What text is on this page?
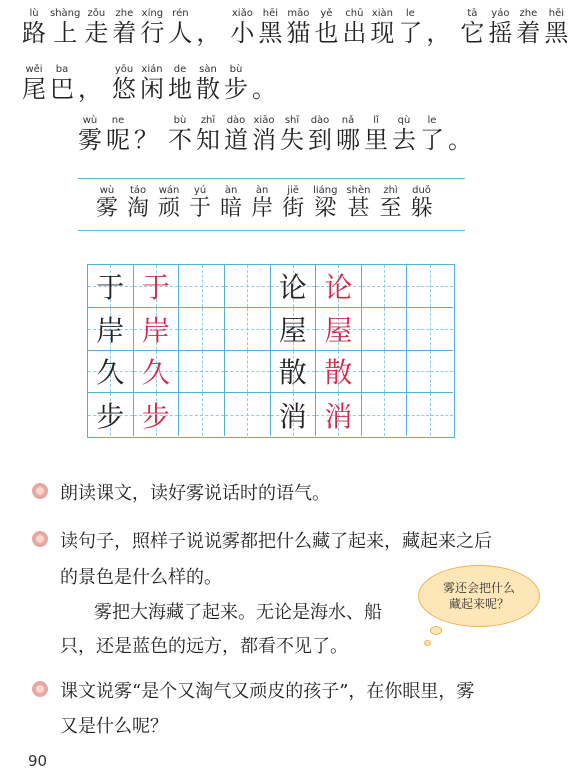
路lù上shàng走zǒu着zhe行xíng人rén， 小xiǎo黑hēi猫māo也yě出chū现xiàn了le， 它tā摇yáo着zhe黑hēi
尾wěi巴ba， 悠yōu闲xián地de散sàn步bù。
雾wù呢ne？ 不bù知zhī道dào消xiāo失shī到dào哪nǎ里lǐ去qù了le。
雾wù淘táo顽wán于yú暗àn岸àn街jiē梁liáng甚shèn至zhì躲duǒ
于 于	论 论
岸 岸	屋 屋
久 久	散 散
步 步	消 消
朗读课文，读好雾说话时的语气。
读句子，照样子说说雾都把什么藏了起来，藏起来之后
的景色是什么样的。
雾把大海藏了起来。无论是海水、船
只，还是蓝色的远方，都看不见了。
雾还会把什么
藏起来呢？
课文说雾“是个又淘气又顽皮的孩子”，在你眼里，雾
又是什么呢？
90
